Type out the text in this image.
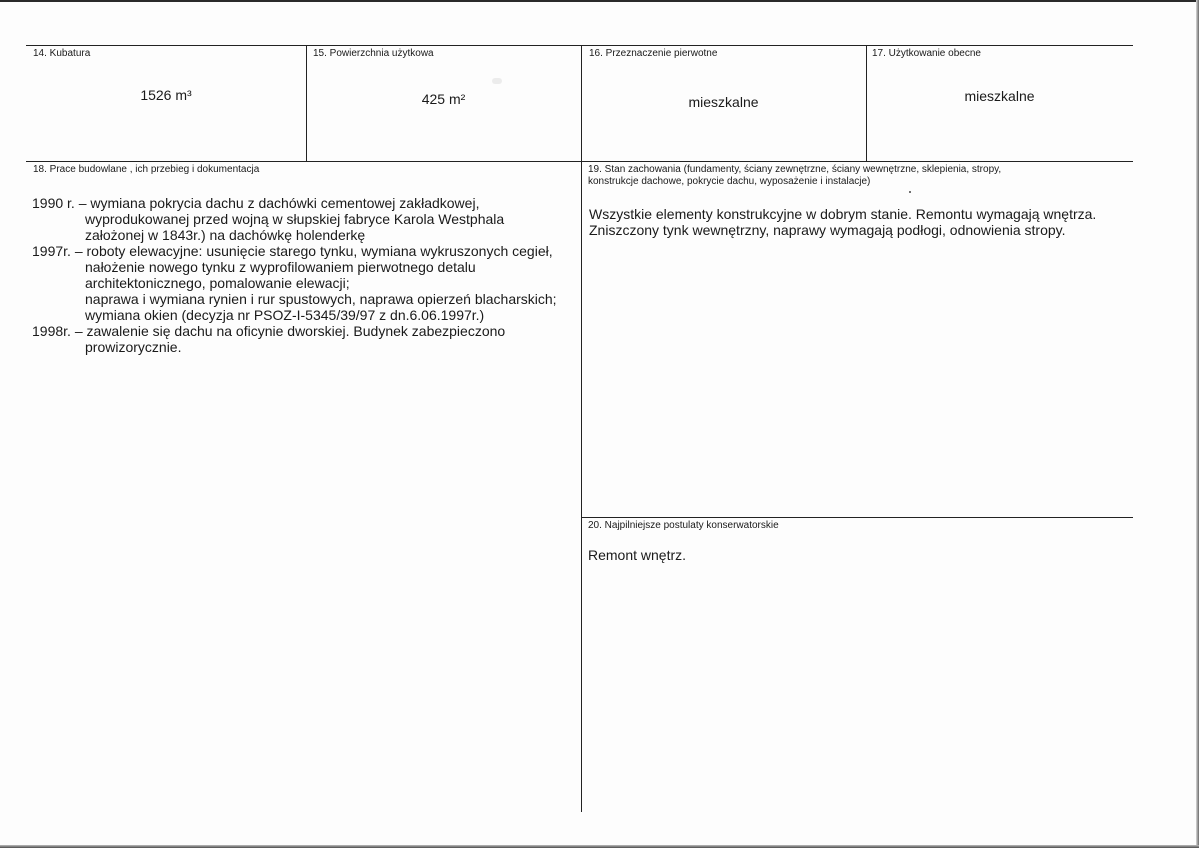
14. Kubatura
1526 m³
15. Powierzchnia użytkowa
425 m²
16. Przeznaczenie pierwotne
mieszkalne
17. Użytkowanie obecne
mieszkalne
18. Prace budowlane , ich przebieg i dokumentacja
1990 r. – wymiana pokrycia dachu z dachówki cementowej zakładkowej,
wyprodukowanej przed wojną w słupskiej fabryce Karola Westphala
założonej w 1843r.) na dachówkę holenderkę
1997r. – roboty elewacyjne: usunięcie starego tynku, wymiana wykruszonych cegieł,
nałożenie nowego tynku z wyprofilowaniem pierwotnego detalu
architektonicznego, pomalowanie elewacji;
naprawa i wymiana rynien i rur spustowych, naprawa opierzeń blacharskich;
wymiana okien (decyzja nr PSOZ-I-5345/39/97 z dn.6.06.1997r.)
1998r. – zawalenie się dachu na oficynie dworskiej. Budynek zabezpieczono
prowizorycznie.
19. Stan zachowania (fundamenty, ściany zewnętrzne, ściany wewnętrzne, sklepienia, stropy,
konstrukcje dachowe, pokrycie dachu, wyposażenie i instalacje)
Wszystkie elementy konstrukcyjne w dobrym stanie. Remontu wymagają wnętrza.
Zniszczony tynk wewnętrzny, naprawy wymagają podłogi, odnowienia stropy.
20. Najpilniejsze postulaty konserwatorskie
Remont wnętrz.
